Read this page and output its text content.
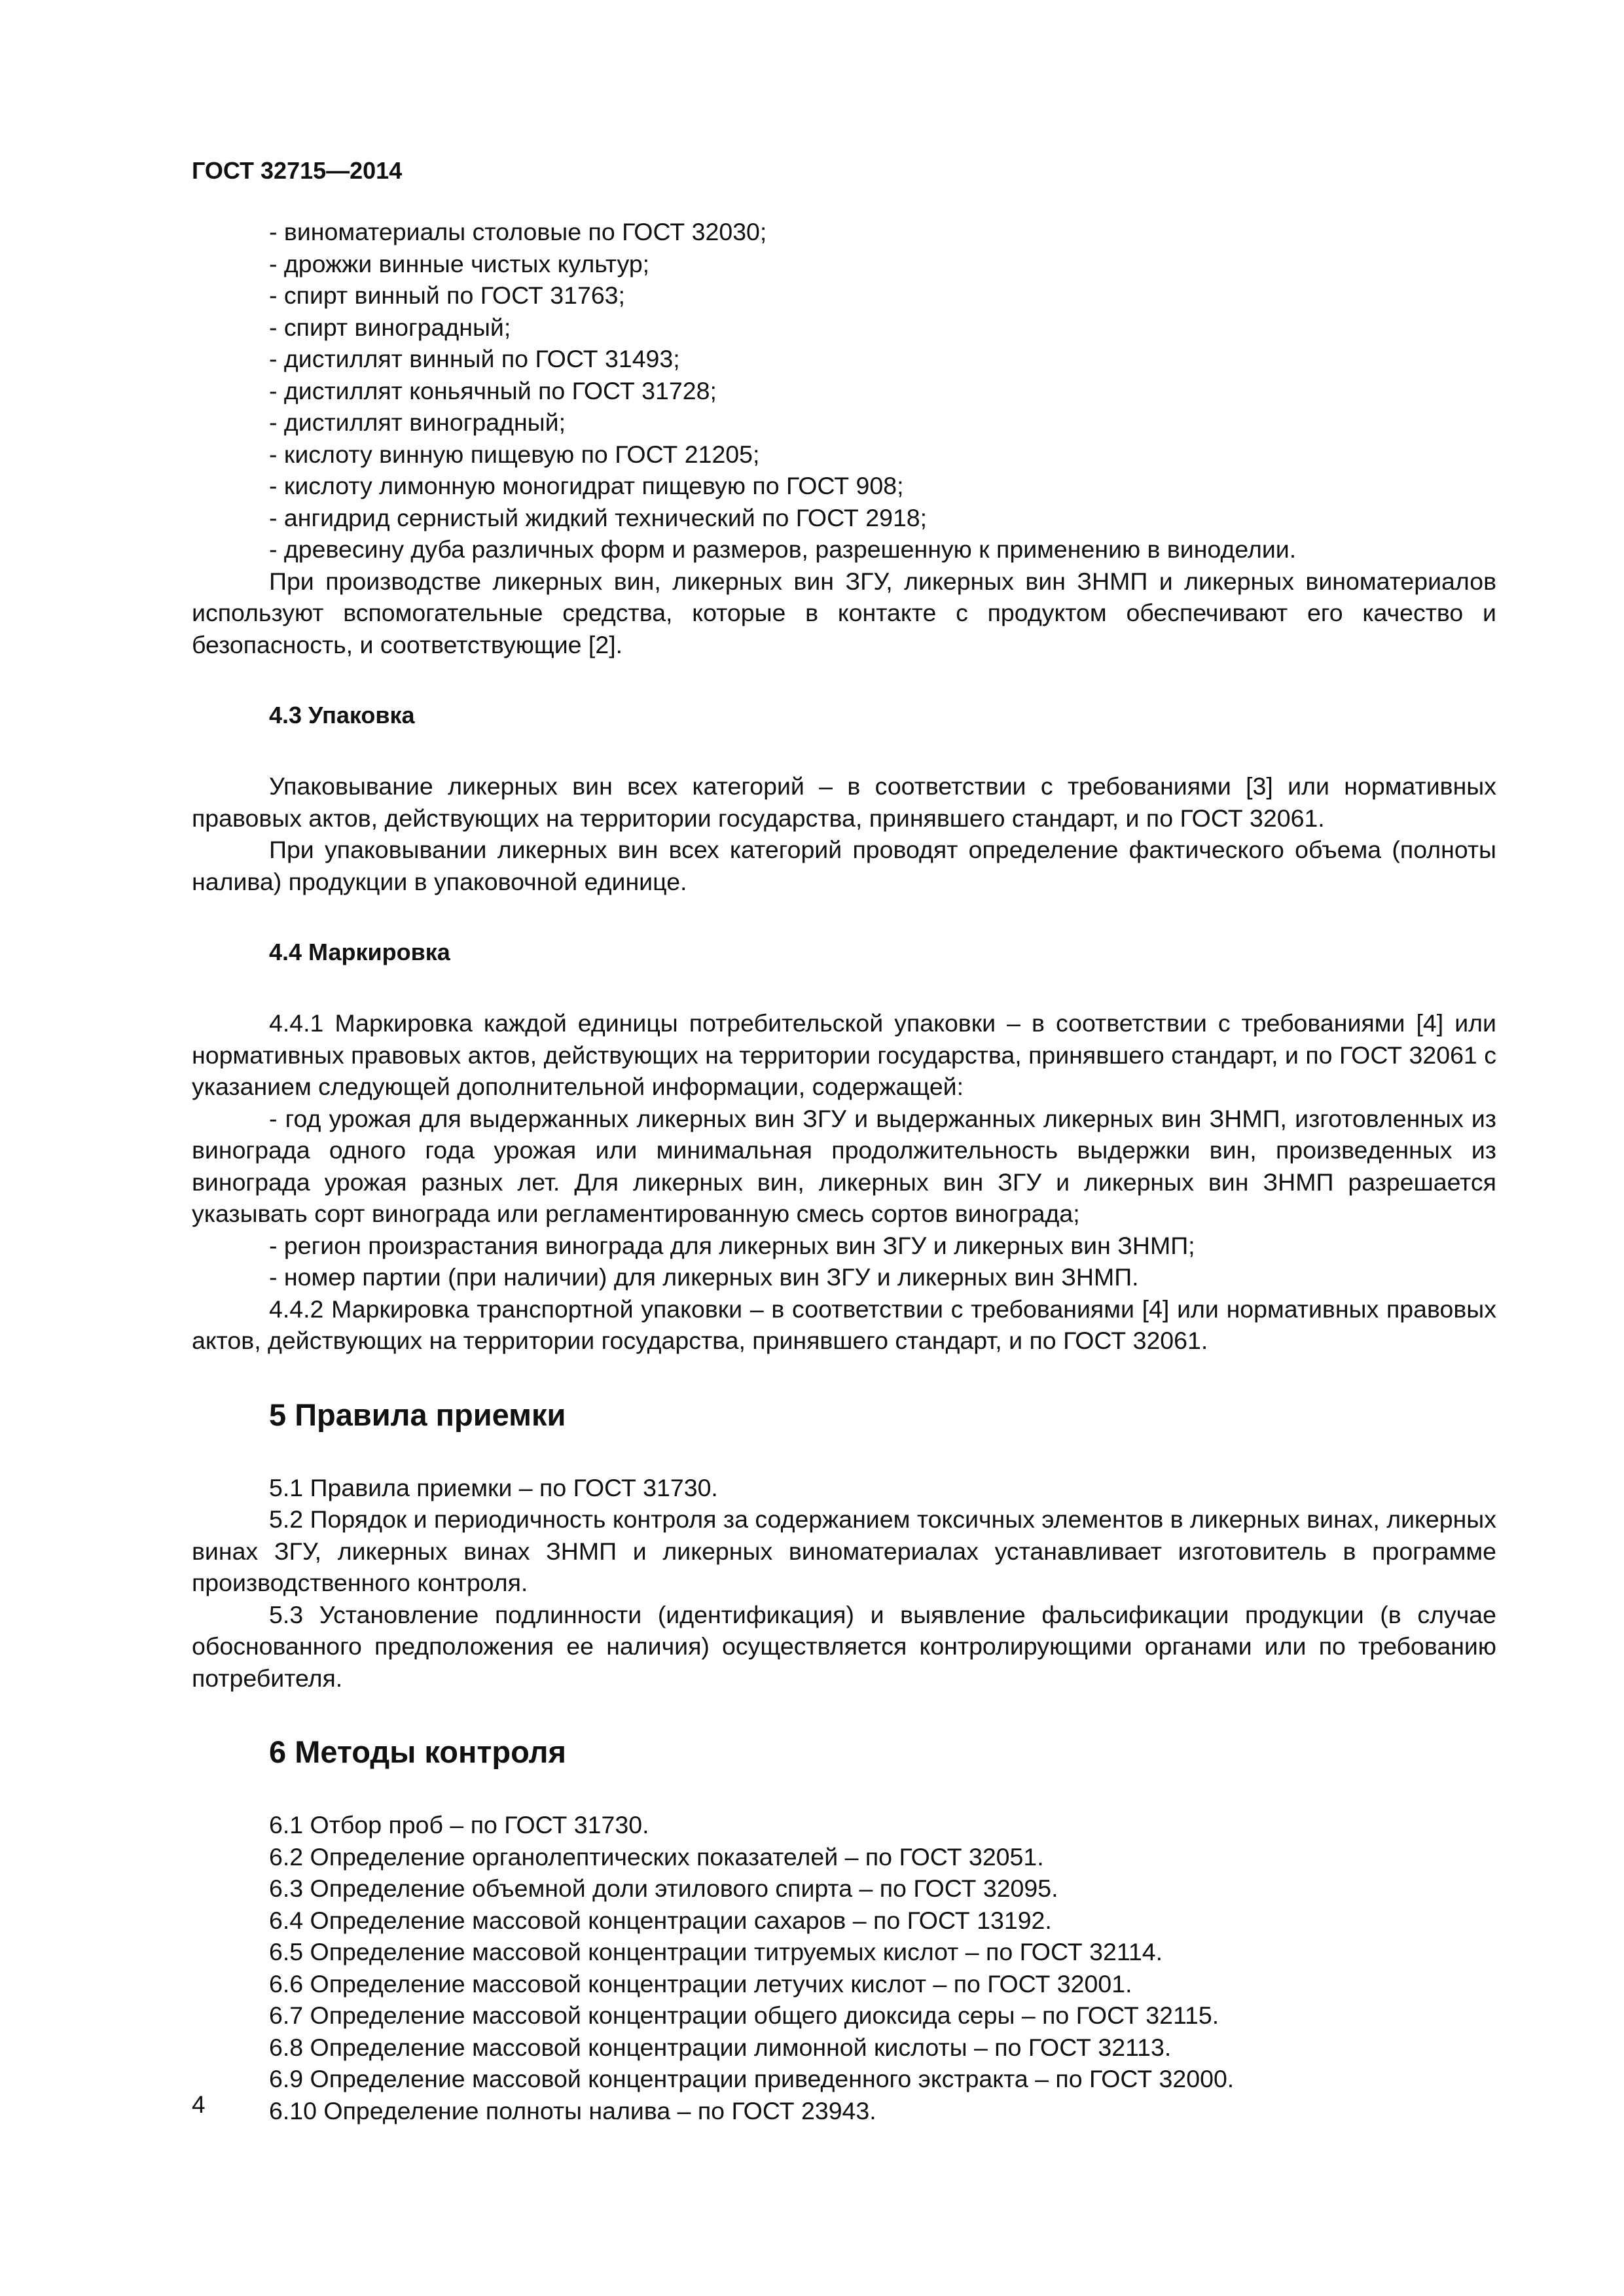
ГОСТ 32715—2014

- виноматериалы столовые по ГОСТ 32030;

- дрожжи винные чистых культур;

- спирт винный по ГОСТ 31763;

- спирт виноградный;

- дистиллят винный по ГОСТ 31493;

- дистиллят коньячный по ГОСТ 31728;

- дистиллят виноградный;

- кислоту винную пищевую по ГОСТ 21205;

- кислоту лимонную моногидрат пищевую по ГОСТ 908;

- ангидрид сернистый жидкий технический по ГОСТ 2918;

- древесину дуба различных форм и размеров, разрешенную к применению в виноделии.

При производстве ликерных вин, ликерных вин ЗГУ, ликерных вин ЗНМП и ликерных виноматериалов используют вспомогательные средства, которые в контакте с продуктом обеспечивают его качество и безопасность, и соответствующие [2].

4.3 Упаковка

Упаковывание ликерных вин всех категорий – в соответствии с требованиями [3] или нормативных правовых актов, действующих на территории государства, принявшего стандарт, и по ГОСТ 32061.

При упаковывании ликерных вин всех категорий проводят определение фактического объема (полноты налива) продукции в упаковочной единице.

4.4 Маркировка

4.4.1 Маркировка каждой единицы потребительской упаковки – в соответствии с требованиями [4] или нормативных правовых актов, действующих на территории государства, принявшего стандарт, и по ГОСТ 32061 с указанием следующей дополнительной информации, содержащей:

- год урожая для выдержанных ликерных вин ЗГУ и выдержанных ликерных вин ЗНМП, изготовленных из винограда одного года урожая или минимальная продолжительность выдержки вин, произведенных из винограда урожая разных лет. Для ликерных вин, ликерных вин ЗГУ и ликерных вин ЗНМП разрешается указывать сорт винограда или регламентированную смесь сортов винограда;

- регион произрастания винограда для ликерных вин ЗГУ и ликерных вин ЗНМП;

- номер партии (при наличии) для ликерных вин ЗГУ и ликерных вин ЗНМП.

4.4.2 Маркировка транспортной упаковки – в соответствии с требованиями [4] или нормативных правовых актов, действующих на территории государства, принявшего стандарт, и по ГОСТ 32061.

5 Правила приемки

5.1 Правила приемки – по ГОСТ 31730.

5.2 Порядок и периодичность контроля за содержанием токсичных элементов в ликерных винах, ликерных винах ЗГУ, ликерных винах ЗНМП и ликерных виноматериалах устанавливает изготовитель в программе производственного контроля.

5.3 Установление подлинности (идентификация) и выявление фальсификации продукции (в случае обоснованного предположения ее наличия) осуществляется контролирующими органами или по требованию потребителя.

6 Методы контроля

6.1 Отбор проб – по ГОСТ 31730.

6.2 Определение органолептических показателей – по ГОСТ 32051.

6.3 Определение объемной доли этилового спирта – по ГОСТ 32095.

6.4 Определение массовой концентрации сахаров – по ГОСТ 13192.

6.5 Определение массовой концентрации титруемых кислот – по ГОСТ 32114.

6.6 Определение массовой концентрации летучих кислот – по ГОСТ 32001.

6.7 Определение массовой концентрации общего диоксида серы – по ГОСТ 32115.

6.8 Определение массовой концентрации лимонной кислоты – по ГОСТ 32113.

6.9 Определение массовой концентрации приведенного экстракта – по ГОСТ 32000.

6.10 Определение полноты налива – по ГОСТ 23943.

4
